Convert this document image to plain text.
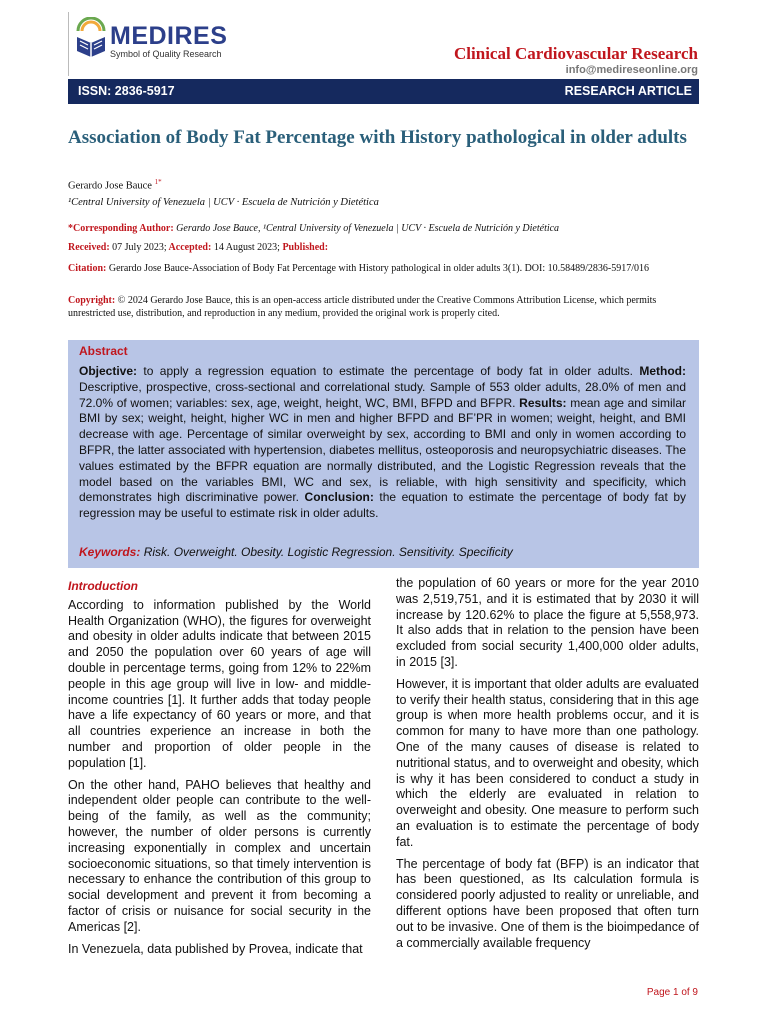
MEDIRES
Symbol of Quality Research	Clinical Cardiovascular Research
info@medireseonline.org
ISSN: 2836-5917	RESEARCH ARTICLE
Association of Body Fat Percentage with History pathological in older adults
Gerardo Jose Bauce $^{1*}$
¹Central University of Venezuela | UCV · Escuela de Nutrición y Dietética
*Corresponding Author: Gerardo Jose Bauce, ¹Central University of Venezuela | UCV · Escuela de Nutrición y Dietética
Received: 07 July 2023; Accepted: 14 August 2023; Published:
Citation: Gerardo Jose Bauce-Association of Body Fat Percentage with History pathological in older adults 3(1). DOI: 10.58489/2836-5917/016
Copyright: © 2024 Gerardo Jose Bauce, this is an open-access article distributed under the Creative Commons Attribution License, which permits unrestricted use, distribution, and reproduction in any medium, provided the original work is properly cited.
Abstract
Objective: to apply a regression equation to estimate the percentage of body fat in older adults. Method: Descriptive, prospective, cross-sectional and correlational study. Sample of 553 older adults, 28.0% of men and 72.0% of women; variables: sex, age, weight, height, WC, BMI, BFPD and BFPR. Results: mean age and similar BMI by sex; weight, height, higher WC in men and higher BFPD and BF’PR in women; weight, height, and BMI decrease with age. Percentage of similar overweight by sex, according to BMI and only in women according to BFPR, the latter associated with hypertension, diabetes mellitus, osteoporosis and neuropsychiatric diseases. The values estimated by the BFPR equation are normally distributed, and the Logistic Regression reveals that the model based on the variables BMI, WC and sex, is reliable, with high sensitivity and specificity, which demonstrates high discriminative power. Conclusion: the equation to estimate the percentage of body fat by regression may be useful to estimate risk in older adults.
Keywords: Risk. Overweight. Obesity. Logistic Regression. Sensitivity. Specificity
Introduction

According to information published by the World Health Organization (WHO), the figures for overweight and obesity in older adults indicate that between 2015 and 2050 the population over 60 years of age will double in percentage terms, going from 12% to 22%m people in this age group will live in low- and middle-income countries [1]. It further adds that today people have a life expectancy of 60 years or more, and that all countries experience an increase in both the number and proportion of older people in the population [1].

On the other hand, PAHO believes that healthy and independent older people can contribute to the well-being of the family, as well as the community; however, the number of older persons is currently increasing exponentially in complex and uncertain socioeconomic situations, so that timely intervention is necessary to enhance the contribution of this group to social development and prevent it from becoming a factor of crisis or nuisance for social security in the Americas [2].

In Venezuela, data published by Provea, indicate that

the population of 60 years or more for the year 2010 was 2,519,751, and it is estimated that by 2030 it will increase by 120.62% to place the figure at 5,558,973. It also adds that in relation to the pension have been excluded from social security 1,400,000 older adults, in 2015 [3].

However, it is important that older adults are evaluated to verify their health status, considering that in this age group is when more health problems occur, and it is common for many to have more than one pathology. One of the many causes of disease is related to nutritional status, and to overweight and obesity, which is why it has been considered to conduct a study in which the elderly are evaluated in relation to overweight and obesity. One measure to perform such an evaluation is to estimate the percentage of body fat.

The percentage of body fat (BFP) is an indicator that has been questioned, as Its calculation formula is considered poorly adjusted to reality or unreliable, and different options have been proposed that often turn out to be invasive. One of them is the bioimpedance of a commercially available frequency

Page 1 of 9
